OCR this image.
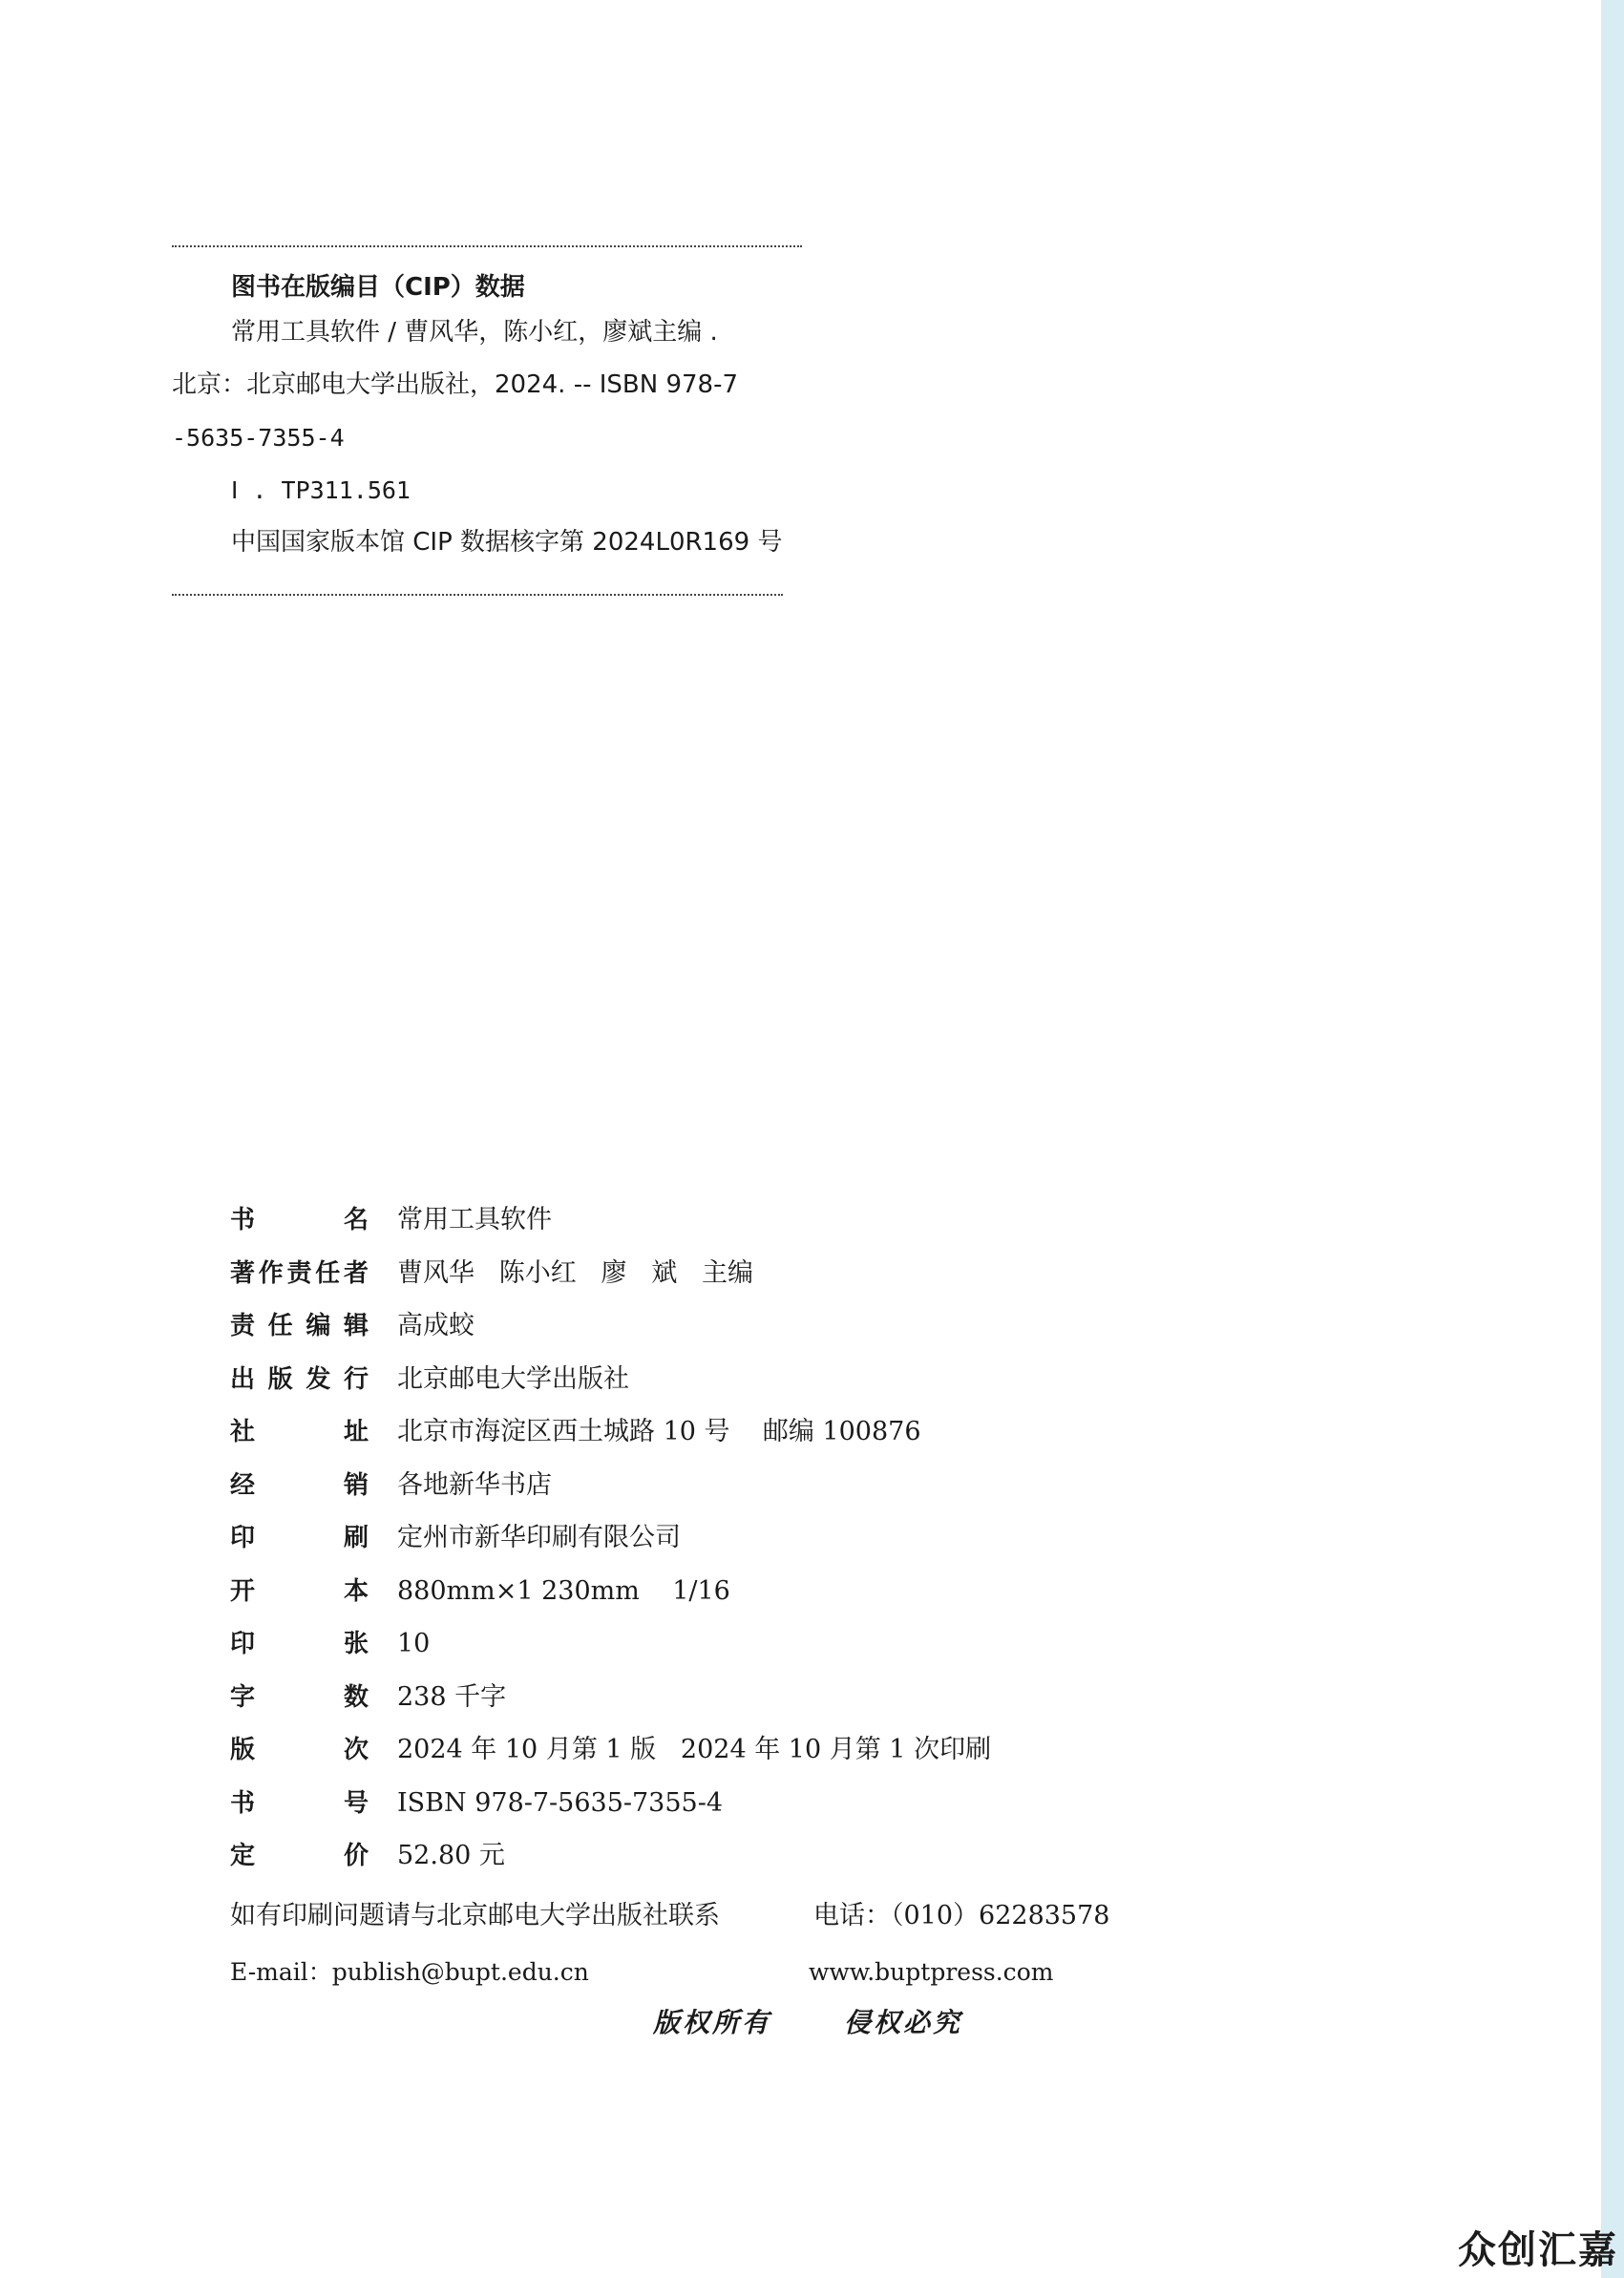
图书在版编目（CIP）数据
常用工具软件 / 曹风华，陈小红，廖斌主编 .
北京：北京邮电大学出版社，2024. -- ISBN 978-7
-5635-7355-4
Ⅰ . TP311.561
中国国家版本馆 CIP 数据核字第 2024L0R169 号
书	名 常用工具软件
著 作 责 任 者 曹风华   陈小红   廖   斌   主编
责 任 编 辑 高成蛟
出 版 发 行 北京邮电大学出版社
社	址 北京市海淀区西土城路 10 号    邮编 100876
经	销 各地新华书店
印	刷 定州市新华印刷有限公司
开	本 880mm×1 230mm    1/16
印	张 10
字	数 238 千字
版	次 2024 年 10 月第 1 版   2024 年 10 月第 1 次印刷
书	号 ISBN 978-7-5635-7355-4
定	价 52.80 元
如有印刷问题请与北京邮电大学出版社联系	电话：（010）62283578
E-mail：publish@bupt.edu.cn	www.buptpress.com
版权所有	侵权必究
众创汇嘉
